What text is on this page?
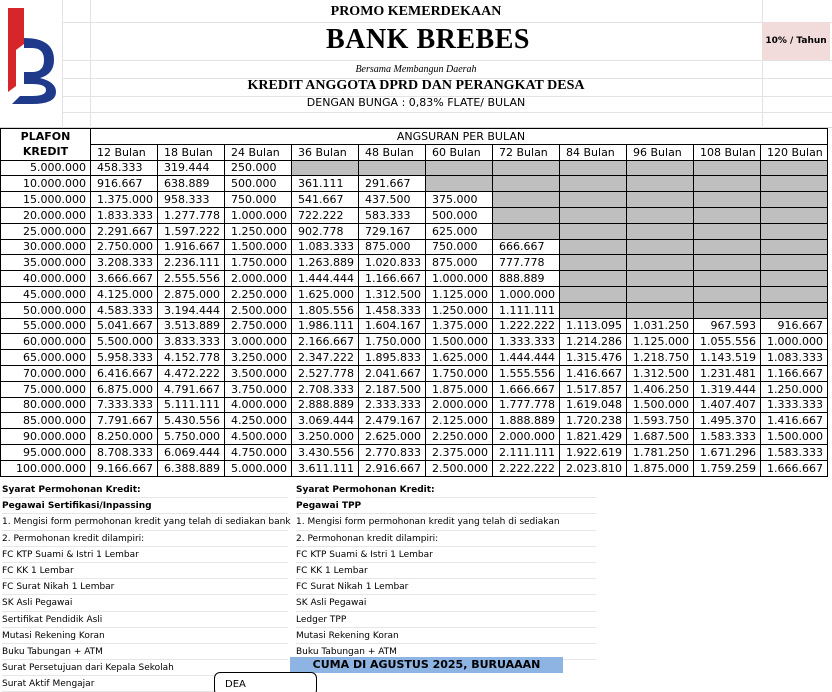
PROMO KEMERDEKAAN
BANK BREBES
Bersama Membangun Daerah
KREDIT ANGGOTA DPRD DAN PERANGKAT DESA
DENGAN BUNGA : 0,83% FLATE/ BULAN
10% / Tahun
PLAFON
KREDIT	ANGSURAN PER BULAN										
	12 Bulan	18 Bulan	24 Bulan	36 Bulan	48 Bulan	60 Bulan	72 Bulan	84 Bulan	96 Bulan	108 Bulan	120 Bulan
5.000.000	458.333	319.444	250.000								
10.000.000	916.667	638.889	500.000	361.111	291.667						
15.000.000	1.375.000	958.333	750.000	541.667	437.500	375.000					
20.000.000	1.833.333	1.277.778	1.000.000	722.222	583.333	500.000					
25.000.000	2.291.667	1.597.222	1.250.000	902.778	729.167	625.000					
30.000.000	2.750.000	1.916.667	1.500.000	1.083.333	875.000	750.000	666.667				
35.000.000	3.208.333	2.236.111	1.750.000	1.263.889	1.020.833	875.000	777.778				
40.000.000	3.666.667	2.555.556	2.000.000	1.444.444	1.166.667	1.000.000	888.889				
45.000.000	4.125.000	2.875.000	2.250.000	1.625.000	1.312.500	1.125.000	1.000.000				
50.000.000	4.583.333	3.194.444	2.500.000	1.805.556	1.458.333	1.250.000	1.111.111				
55.000.000	5.041.667	3.513.889	2.750.000	1.986.111	1.604.167	1.375.000	1.222.222	1.113.095	1.031.250	967.593	916.667
60.000.000	5.500.000	3.833.333	3.000.000	2.166.667	1.750.000	1.500.000	1.333.333	1.214.286	1.125.000	1.055.556	1.000.000
65.000.000	5.958.333	4.152.778	3.250.000	2.347.222	1.895.833	1.625.000	1.444.444	1.315.476	1.218.750	1.143.519	1.083.333
70.000.000	6.416.667	4.472.222	3.500.000	2.527.778	2.041.667	1.750.000	1.555.556	1.416.667	1.312.500	1.231.481	1.166.667
75.000.000	6.875.000	4.791.667	3.750.000	2.708.333	2.187.500	1.875.000	1.666.667	1.517.857	1.406.250	1.319.444	1.250.000
80.000.000	7.333.333	5.111.111	4.000.000	2.888.889	2.333.333	2.000.000	1.777.778	1.619.048	1.500.000	1.407.407	1.333.333
85.000.000	7.791.667	5.430.556	4.250.000	3.069.444	2.479.167	2.125.000	1.888.889	1.720.238	1.593.750	1.495.370	1.416.667
90.000.000	8.250.000	5.750.000	4.500.000	3.250.000	2.625.000	2.250.000	2.000.000	1.821.429	1.687.500	1.583.333	1.500.000
95.000.000	8.708.333	6.069.444	4.750.000	3.430.556	2.770.833	2.375.000	2.111.111	1.922.619	1.781.250	1.671.296	1.583.333
100.000.000	9.166.667	6.388.889	5.000.000	3.611.111	2.916.667	2.500.000	2.222.222	2.023.810	1.875.000	1.759.259	1.666.667
Syarat Permohonan Kredit:
Pegawai Sertifikasi/Inpassing
1. Mengisi form permohonan kredit yang telah di sediakan bank
2. Permohonan kredit dilampiri:
FC KTP Suami & Istri 1 Lembar
FC KK 1 Lembar
FC Surat Nikah 1 Lembar
SK Asli Pegawai
Sertifikat Pendidik Asli
Mutasi Rekening Koran
Buku Tabungan + ATM
Surat Persetujuan dari Kepala Sekolah
Surat Aktif Mengajar
Syarat Permohonan Kredit:
Pegawai TPP
1. Mengisi form permohonan kredit yang telah di sediakan
2. Permohonan kredit dilampiri:
FC KTP Suami & Istri 1 Lembar
FC KK 1 Lembar
FC Surat Nikah 1 Lembar
SK Asli Pegawai
Ledger TPP
Mutasi Rekening Koran
Buku Tabungan + ATM
CUMA DI AGUSTUS 2025, BURUAAAN
DEA
